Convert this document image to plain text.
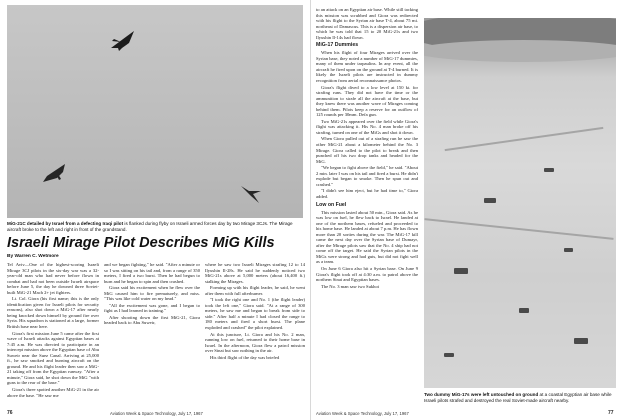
MiG-21C detailed by Israel from a defecting Iraqi pilot is flanked during flyby on Israeli armed forces day by two Mirage 3CJs. The Mirage aircraft broke to the left and right in front of the grandstand.
Israeli Mirage Pilot Describes MiG Kills
By Warren C. Wetmore

Tel Aviv—One of the highest-scoring Israeli Mirage 3CJ pilots in the six-day war was a 32-year-old man who had never before flown in combat and had not been outside Israeli airspace before June 5, the day he downed three Soviet-built MiG-21 Mach 2+ jet fighters.

Lt. Col. Giora (his first name; this is the only identification given for Israeli pilots for security reasons), also shot down a MiG-17 after nearly being knocked down himself by ground fire over Syria. His squadron is stationed at a large, former British base near here.

Giora's first mission June 5 came after the first wave of Israeli attacks against Egyptian bases at 7:45 a.m. He was directed to participate in an intercept mission above the Egyptian base of Abu Suweir near the Suez Canal. Arriving at 25,000 ft., he saw smoked and burning aircraft on the ground. He and his flight leader then saw a MiG-21 taking off from the Egyptian runway. "After a minute," Giora said, he shot down the MiG "with guns to the rear of the base."

Giora's three spotted another MiG-21 in the air above the base. "He saw me

and we began fighting," he said. "After a minute or so I was sitting on his tail and, from a range of 350 meters, I fired a two burst. Then he had begun to burn and he began to spin and then crashed.

Giora said his excitement when he flew over the MiG caused him to fire prematurely, and miss. "This was like cold water on my head."

"All the excitement was gone, and I began to fight as I had learned in training."

After shooting down the first MiG-21, Giora headed back to Abu Suweir,

where he saw two Israeli Mirages strafing 12 to 14 Ilyushin Il-28s. He said he suddenly noticed two MiG-21s above at 5,000 meters (about 16,400 ft.) stalking the Mirages.

Forming up with his flight leader, he said, he went after them with full afterburner.

"I took the right one and No. 1 (the flight leader) took the left one," Giora said. "At a range of 300 meters, he saw me and began to break from side to side." After half a minute I had closed the range to 180 meters and fired a short burst. The plane exploded and crashed" the pilot explained.

At this juncture, Lt. Giora and his No. 2 man, running low on fuel, returned to their home base in Israel. In the afternoon, Giora flew a patrol mission over Sinai but saw nothing in the air.

His third flight of the day was briefed

76	Aviation Week & Space Technology, July 17, 1967

to an attack on an Egyptian air base. While still tacking this mission was scrubbed and Giora was redirected with his flight to the Syrian air base T-4, about 75 mi. northeast of Damascus. This is a dispersion air base, to which he was told that 15 to 20 MiG-21s and two Ilyushin Il-14s had flown.

MiG-17 Dummies

When his flight of four Mirages arrived over the Syrian base, they noted a number of MiG-17 dummies, many of them under tarpaulins. In any event, all the aircraft he fired upon on the ground at T-4 burned. It is likely the Israeli pilots are instructed in dummy recognition from aerial reconnaissance photos.

Giora's flight dived to a low level at 150 kt. for strafing runs. They did not have the time or the ammunition to strafe all the aircraft at the base, but they knew there was another wave of Mirages coming behind them. Pilots keep a reserve for an outflow of 125 rounds per 30mm. Defa gun.

Two MiG-21s appeared over the field while Giora's flight was attacking it. His No. 4 man broke off his strafing, turned on one of the MiGs and shot it down.

When Giora pulled out of a strafing run he saw the other MiG-21 about a kilometer behind the No. 3 Mirage. Giora called to the pilot to break and then punched off his two drop tanks and headed for the MiG.

"We began to fight above the field," he said. "About 2 min. later I was on his tail and fired a burst. He didn't explode but began to smoke. Then he spun out and crashed."

"I didn't see him eject, but he had time to," Giora added.

Low on Fuel

This mission lasted about 50 min., Giora said. As he was low on fuel, he flew back to Israel. He landed at one of the northern bases, refueled and proceeded to his home base. He landed at about 7 p.m. He has flown more than 20 sorties during the war. The MiG-17 kill came the next day over the Syrian base of Dumayr, after the Mirage pilots saw that the No. 4 ship had not come off the target. He said the Syrian pilots in the MiGs were strong and had guts, but did not fight well as a team.

On June 6 Giora also hit a Syrian base. On June 9 Giora's flight took off at 4:30 a.m. to patrol above the northern Sinai and Egyptian bases.

The No. 3 man saw two Sukhoi

Two dummy MiG-17s were left untouched on ground at a coastal Egyptian air base while Israeli pilots strafed and destroyed the real Soviet-made aircraft nearby.
Aviation Week & Space Technology, July 17, 1967	77
